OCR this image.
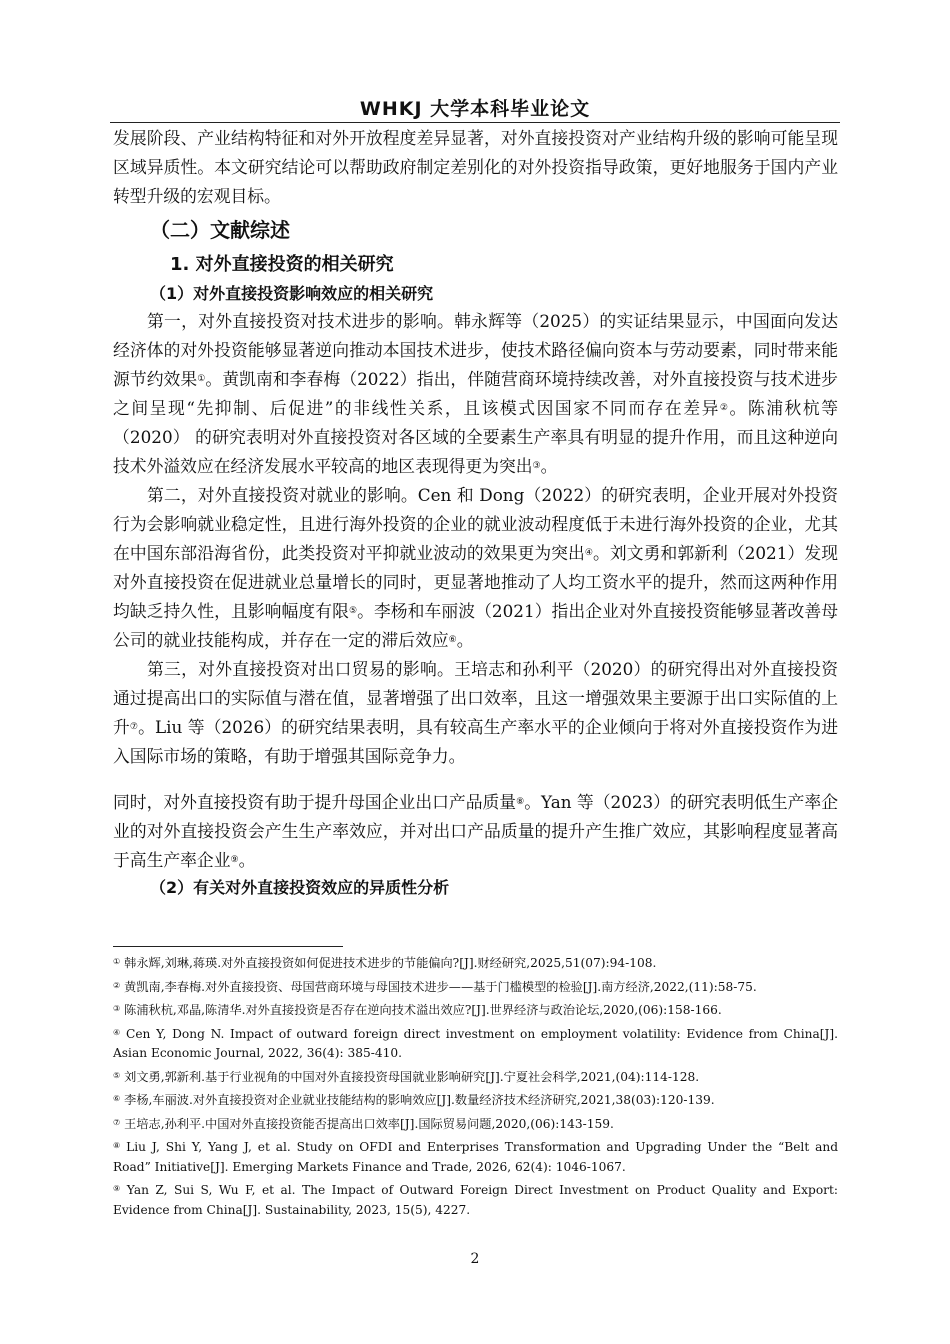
WHKJ 大学本科毕业论文

发展阶段、产业结构特征和对外开放程度差异显著，对外直接投资对产业结构升级的影响可能呈现区域异质性。本文研究结论可以帮助政府制定差别化的对外投资指导政策，更好地服务于国内产业转型升级的宏观目标。

（二）文献综述
1. 对外直接投资的相关研究
（1）对外直接投资影响效应的相关研究

第一，对外直接投资对技术进步的影响。韩永辉等（2025）的实证结果显示，中国面向发达经济体的对外投资能够显著逆向推动本国技术进步，使技术路径偏向资本与劳动要素，同时带来能源节约效果①。黄凯南和李春梅（2022）指出，伴随营商环境持续改善，对外直接投资与技术进步之间呈现“先抑制、后促进”的非线性关系，且该模式因国家不同而存在差异②。陈浦秋杭等（2020） 的研究表明对外直接投资对各区域的全要素生产率具有明显的提升作用，而且这种逆向技术外溢效应在经济发展水平较高的地区表现得更为突出③。

第二，对外直接投资对就业的影响。Cen 和 Dong（2022）的研究表明，企业开展对外投资行为会影响就业稳定性，且进行海外投资的企业的就业波动程度低于未进行海外投资的企业，尤其在中国东部沿海省份，此类投资对平抑就业波动的效果更为突出④。刘文勇和郭新利（2021）发现对外直接投资在促进就业总量增长的同时，更显著地推动了人均工资水平的提升，然而这两种作用均缺乏持久性，且影响幅度有限⑤。李杨和车丽波（2021）指出企业对外直接投资能够显著改善母公司的就业技能构成，并存在一定的滞后效应⑥。

第三，对外直接投资对出口贸易的影响。王培志和孙利平（2020）的研究得出对外直接投资通过提高出口的实际值与潜在值，显著增强了出口效率，且这一增强效果主要源于出口实际值的上升⑦。Liu 等（2026）的研究结果表明，具有较高生产率水平的企业倾向于将对外直接投资作为进入国际市场的策略，有助于增强其国际竞争力。

同时，对外直接投资有助于提升母国企业出口产品质量⑧。Yan 等（2023）的研究表明低生产率企业的对外直接投资会产生生产率效应，并对出口产品质量的提升产生推广效应，其影响程度显著高于高生产率企业⑨。

（2）有关对外直接投资效应的异质性分析
① 韩永辉,刘琳,蒋瑛.对外直接投资如何促进技术进步的节能偏向?[J].财经研究,2025,51(07):94-108.
② 黄凯南,李春梅.对外直接投资、母国营商环境与母国技术进步——基于门槛模型的检验[J].南方经济,2022,(11):58-75.
③ 陈浦秋杭,邓晶,陈清华.对外直接投资是否存在逆向技术溢出效应?[J].世界经济与政治论坛,2020,(06):158-166.
④ Cen Y, Dong N. Impact of outward foreign direct investment on employment volatility: Evidence from China[J]. Asian Economic Journal, 2022, 36(4): 385-410.
⑤ 刘文勇,郭新利.基于行业视角的中国对外直接投资母国就业影响研究[J].宁夏社会科学,2021,(04):114-128.
⑥ 李杨,车丽波.对外直接投资对企业就业技能结构的影响效应[J].数量经济技术经济研究,2021,38(03):120-139.
⑦ 王培志,孙利平.中国对外直接投资能否提高出口效率[J].国际贸易问题,2020,(06):143-159.
⑧ Liu J, Shi Y, Yang J, et al. Study on OFDI and Enterprises Transformation and Upgrading Under the “Belt and Road” Initiative[J]. Emerging Markets Finance and Trade, 2026, 62(4): 1046-1067.
⑨ Yan Z, Sui S, Wu F, et al. The Impact of Outward Foreign Direct Investment on Product Quality and Export: Evidence from China[J]. Sustainability, 2023, 15(5), 4227.
2
